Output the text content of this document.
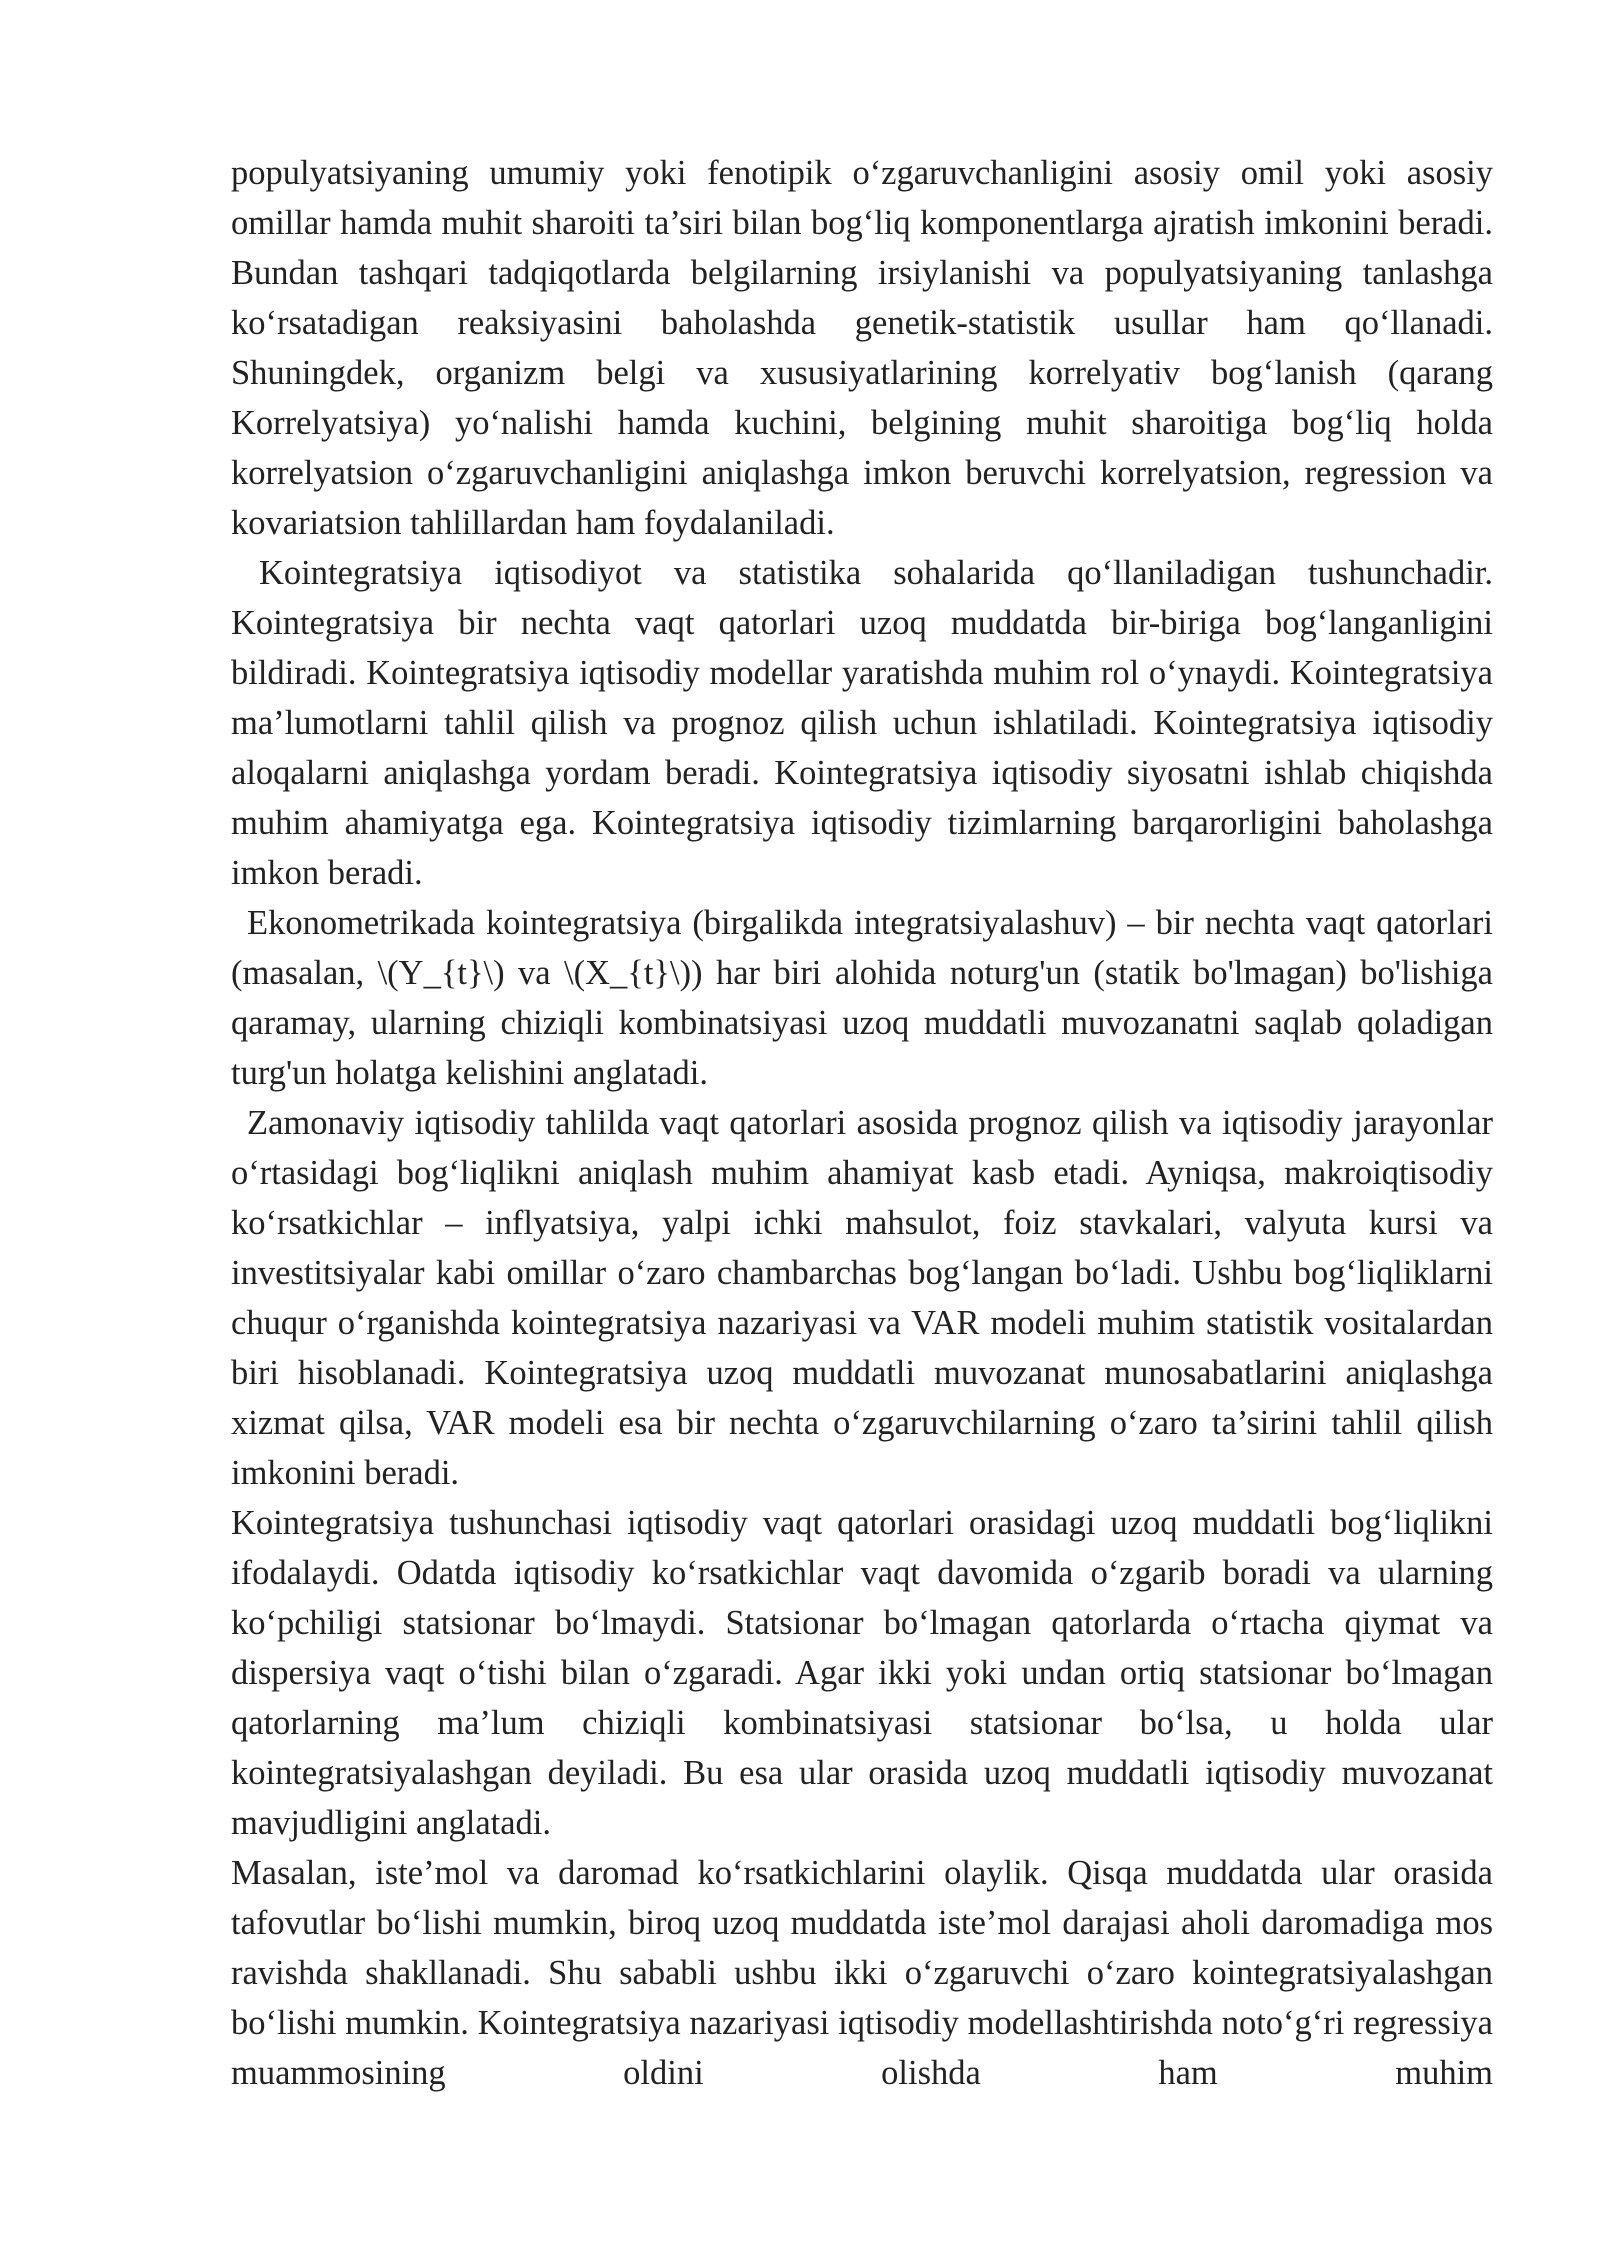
populyatsiyaning umumiy yoki fenotipik o‘zgaruvchanligini asosiy omil yoki asosiy omillar hamda muhit sharoiti ta’siri bilan bog‘liq komponentlarga ajratish imkonini beradi. Bundan tashqari tadqiqotlarda belgilarning irsiylanishi va populyatsiyaning tanlashga ko‘rsatadigan reaksiyasini baholashda genetik-statistik usullar ham qo‘llanadi. Shuningdek, organizm belgi va xususiyatlarining korrelyativ bog‘lanish (qarang Korrelyatsiya) yo‘nalishi hamda kuchini, belgining muhit sharoitiga bog‘liq holda korrelyatsion o‘zgaruvchanligini aniqlashga imkon beruvchi korrelyatsion, regression va kovariatsion tahlillardan ham foydalaniladi.

Kointegratsiya iqtisodiyot va statistika sohalarida qo‘llaniladigan tushunchadir. Kointegratsiya bir nechta vaqt qatorlari uzoq muddatda bir-biriga bog‘langanligini bildiradi. Kointegratsiya iqtisodiy modellar yaratishda muhim rol o‘ynaydi. Kointegratsiya ma’lumotlarni tahlil qilish va prognoz qilish uchun ishlatiladi. Kointegratsiya iqtisodiy aloqalarni aniqlashga yordam beradi. Kointegratsiya iqtisodiy siyosatni ishlab chiqishda muhim ahamiyatga ega. Kointegratsiya iqtisodiy tizimlarning barqarorligini baholashga imkon beradi.

Ekonometrikada kointegratsiya (birgalikda integratsiyalashuv) – bir nechta vaqt qatorlari (masalan, \(Y_{t}\) va \(X_{t}\)) har biri alohida noturg'un (statik bo'lmagan) bo'lishiga qaramay, ularning chiziqli kombinatsiyasi uzoq muddatli muvozanatni saqlab qoladigan turg'un holatga kelishini anglatadi.

Zamonaviy iqtisodiy tahlilda vaqt qatorlari asosida prognoz qilish va iqtisodiy jarayonlar o‘rtasidagi bog‘liqlikni aniqlash muhim ahamiyat kasb etadi. Ayniqsa, makroiqtisodiy ko‘rsatkichlar – inflyatsiya, yalpi ichki mahsulot, foiz stavkalari, valyuta kursi va investitsiyalar kabi omillar o‘zaro chambarchas bog‘langan bo‘ladi. Ushbu bog‘liqliklarni chuqur o‘rganishda kointegratsiya nazariyasi va VAR modeli muhim statistik vositalardan biri hisoblanadi. Kointegratsiya uzoq muddatli muvozanat munosabatlarini aniqlashga xizmat qilsa, VAR modeli esa bir nechta o‘zgaruvchilarning o‘zaro ta’sirini tahlil qilish imkonini beradi.

Kointegratsiya tushunchasi iqtisodiy vaqt qatorlari orasidagi uzoq muddatli bog‘liqlikni ifodalaydi. Odatda iqtisodiy ko‘rsatkichlar vaqt davomida o‘zgarib boradi va ularning ko‘pchiligi statsionar bo‘lmaydi. Statsionar bo‘lmagan qatorlarda o‘rtacha qiymat va dispersiya vaqt o‘tishi bilan o‘zgaradi. Agar ikki yoki undan ortiq statsionar bo‘lmagan qatorlarning ma’lum chiziqli kombinatsiyasi statsionar bo‘lsa, u holda ular kointegratsiyalashgan deyiladi. Bu esa ular orasida uzoq muddatli iqtisodiy muvozanat mavjudligini anglatadi.

Masalan, iste’mol va daromad ko‘rsatkichlarini olaylik. Qisqa muddatda ular orasida tafovutlar bo‘lishi mumkin, biroq uzoq muddatda iste’mol darajasi aholi daromadiga mos ravishda shakllanadi. Shu sababli ushbu ikki o‘zgaruvchi o‘zaro kointegratsiyalashgan bo‘lishi mumkin. Kointegratsiya nazariyasi iqtisodiy modellashtirishda noto‘g‘ri regressiya muammosining oldini olishda ham muhim
